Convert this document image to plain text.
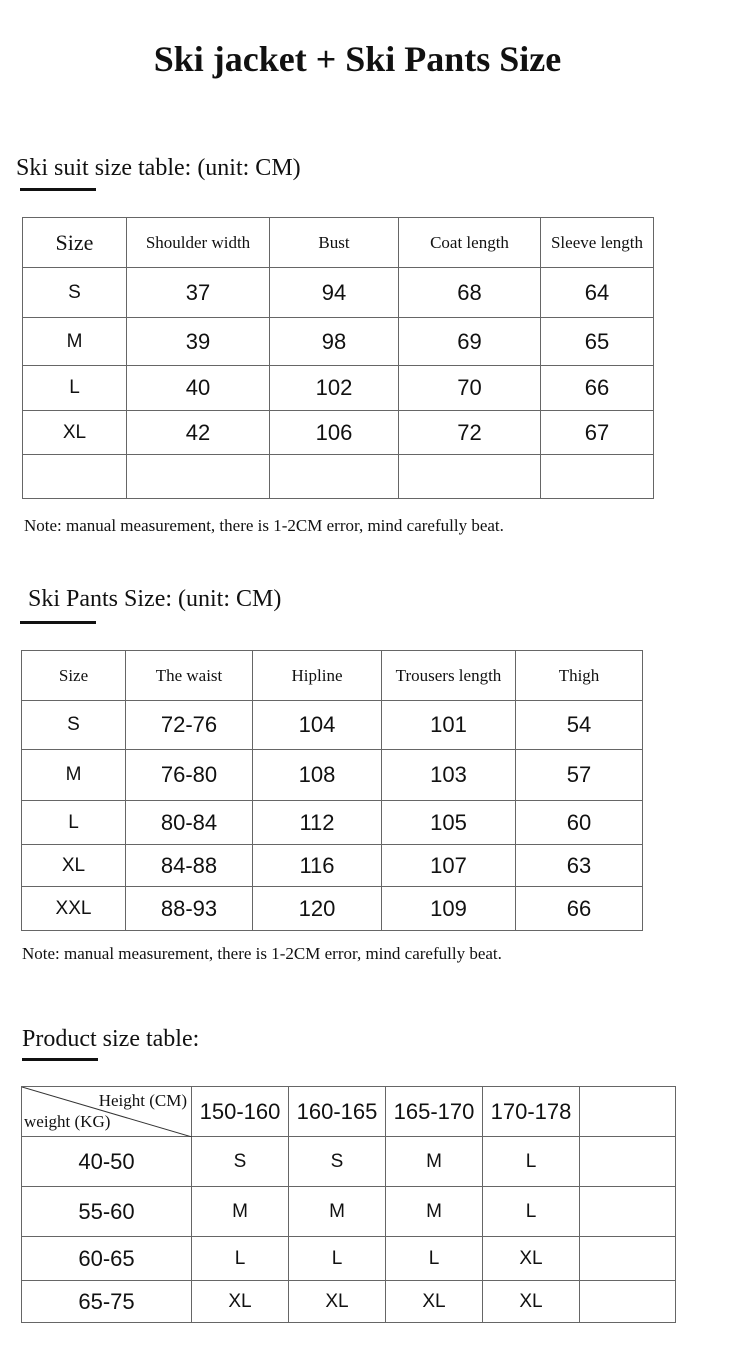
Ski jacket + Ski Pants Size
Ski suit size table: (unit: CM)
Size	Shoulder width	Bust	Coat length	Sleeve length
S	37	94	68	64
M	39	98	69	65
L	40	102	70	66
XL	42	106	72	67

Note: manual measurement, there is 1-2CM error, mind carefully beat.
Ski Pants Size: (unit: CM)
Size	The waist	Hipline	Trousers length	Thigh
S	72-76	104	101	54
M	76-80	108	103	57
L	80-84	112	105	60
XL	84-88	116	107	63
XXL	88-93	120	109	66
Note: manual measurement, there is 1-2CM error, mind carefully beat.
Product size table:
Height (CM)
weight (KG)	150-160	160-165	165-170	170-178	
40-50	S	S	M	L	
55-60	M	M	M	L	
60-65	L	L	L	XL	
65-75	XL	XL	XL	XL	
